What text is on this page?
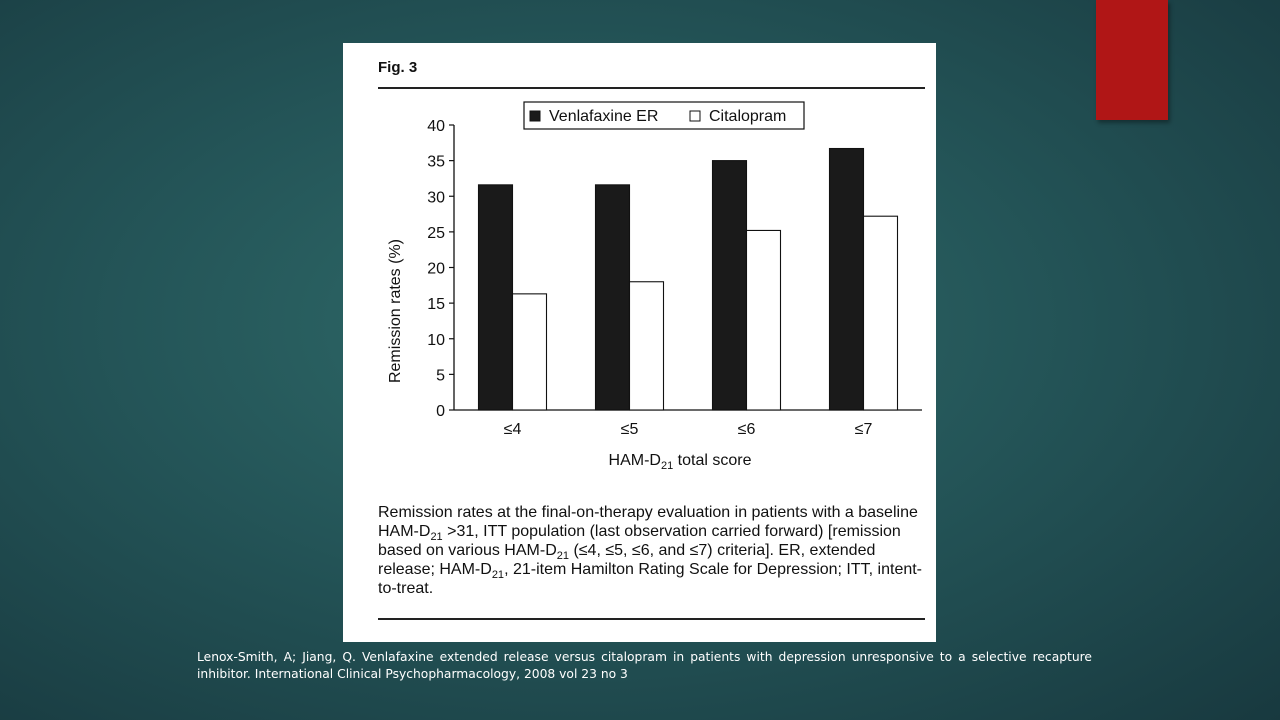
Fig. 3
Venlafaxine ER	Citalopram
0
5
10
15
20
25
30
35
40
≤4	≤5	≤6	≤7
Remission rates (%)
HAM-$D_{21}$ total score

Remission rates at the final-on-therapy evaluation in patients with a baseline HAM-$D_{21} >31$, ITT population (last observation carried forward) [remission based on various HAM-$D_{21}$ (≤4, ≤5, ≤6, and ≤7) criteria]. ER, extended release; HAM-$D_{21}$, 21-item Hamilton Rating Scale for Depression; ITT, intent-to-treat.

Lenox-Smith, A; Jiang, Q. Venlafaxine extended release versus citalopram in patients with depression unresponsive to a selective recapture inhibitor. International Clinical Psychopharmacology, 2008 vol 23 no 3
